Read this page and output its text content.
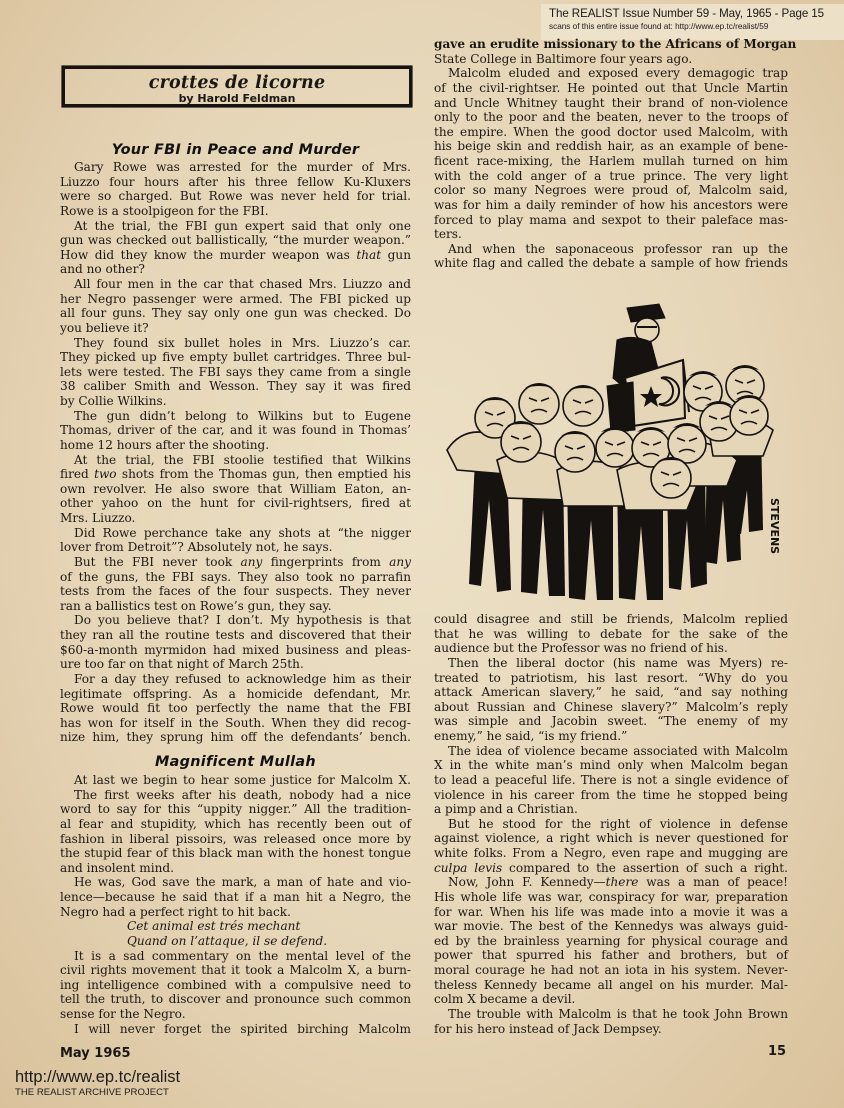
The REALIST Issue Number 59 - May, 1965 - Page 15
scans of this entire issue found at: http://www.ep.tc/realist/59
crottes de licorne
by Harold Feldman
Your FBI in Peace and Murder
Gary Rowe was arrested for the murder of Mrs.
Liuzzo four hours after his three fellow Ku-Kluxers
were so charged. But Rowe was never held for trial.
Rowe is a stoolpigeon for the FBI.
At the trial, the FBI gun expert said that only one
gun was checked out ballistically, “the murder weapon.”
How did they know the murder weapon was that gun
and no other?
All four men in the car that chased Mrs. Liuzzo and
her Negro passenger were armed. The FBI picked up
all four guns. They say only one gun was checked. Do
you believe it?
They found six bullet holes in Mrs. Liuzzo’s car.
They picked up five empty bullet cartridges. Three bul-
lets were tested. The FBI says they came from a single
38 caliber Smith and Wesson. They say it was fired
by Collie Wilkins.
The gun didn’t belong to Wilkins but to Eugene
Thomas, driver of the car, and it was found in Thomas’
home 12 hours after the shooting.
At the trial, the FBI stoolie testified that Wilkins
fired two shots from the Thomas gun, then emptied his
own revolver. He also swore that William Eaton, an-
other yahoo on the hunt for civil-rightsers, fired at
Mrs. Liuzzo.
Did Rowe perchance take any shots at “the nigger
lover from Detroit”? Absolutely not, he says.
But the FBI never took any fingerprints from any
of the guns, the FBI says. They also took no parrafin
tests from the faces of the four suspects. They never
ran a ballistics test on Rowe’s gun, they say.
Do you believe that? I don’t. My hypothesis is that
they ran all the routine tests and discovered that their
$60-a-month myrmidon had mixed business and pleas-
ure too far on that night of March 25th.
For a day they refused to acknowledge him as their
legitimate offspring. As a homicide defendant, Mr.
Rowe would fit too perfectly the name that the FBI
has won for itself in the South. When they did recog-
nize him, they sprung him off the defendants’ bench.
Magnificent Mullah
At last we begin to hear some justice for Malcolm X.
The first weeks after his death, nobody had a nice
word to say for this “uppity nigger.” All the tradition-
al fear and stupidity, which has recently been out of
fashion in liberal pissoirs, was released once more by
the stupid fear of this black man with the honest tongue
and insolent mind.
He was, God save the mark, a man of hate and vio-
lence—because he said that if a man hit a Negro, the
Negro had a perfect right to hit back.
Cet animal est trés mechant
Quand on l’attaque, il se defend.
It is a sad commentary on the mental level of the
civil rights movement that it took a Malcolm X, a burn-
ing intelligence combined with a compulsive need to
tell the truth, to discover and pronounce such common
sense for the Negro.
I will never forget the spirited birching Malcolm
gave an erudite missionary to the Africans of Morgan
State College in Baltimore four years ago.
Malcolm eluded and exposed every demagogic trap
of the civil-rightser. He pointed out that Uncle Martin
and Uncle Whitney taught their brand of non-violence
only to the poor and the beaten, never to the troops of
the empire. When the good doctor used Malcolm, with
his beige skin and reddish hair, as an example of bene-
ficent race-mixing, the Harlem mullah turned on him
with the cold anger of a true prince. The very light
color so many Negroes were proud of, Malcolm said,
was for him a daily reminder of how his ancestors were
forced to play mama and sexpot to their paleface mas-
ters.
And when the saponaceous professor ran up the
white flag and called the debate a sample of how friends
STEVENS
could disagree and still be friends, Malcolm replied
that he was willing to debate for the sake of the
audience but the Professor was no friend of his.
Then the liberal doctor (his name was Myers) re-
treated to patriotism, his last resort. “Why do you
attack American slavery,” he said, “and say nothing
about Russian and Chinese slavery?” Malcolm’s reply
was simple and Jacobin sweet. “The enemy of my
enemy,” he said, “is my friend.”
The idea of violence became associated with Malcolm
X in the white man’s mind only when Malcolm began
to lead a peaceful life. There is not a single evidence of
violence in his career from the time he stopped being
a pimp and a Christian.
But he stood for the right of violence in defense
against violence, a right which is never questioned for
white folks. From a Negro, even rape and mugging are
culpa levis compared to the assertion of such a right.
Now, John F. Kennedy—there was a man of peace!
His whole life was war, conspiracy for war, preparation
for war. When his life was made into a movie it was a
war movie. The best of the Kennedys was always guid-
ed by the brainless yearning for physical courage and
power that spurred his father and brothers, but of
moral courage he had not an iota in his system. Never-
theless Kennedy became all angel on his murder. Mal-
colm X became a devil.
The trouble with Malcolm is that he took John Brown
for his hero instead of Jack Dempsey.
May 1965	15
http://www.ep.tc/realist
THE REALIST ARCHIVE PROJECT
